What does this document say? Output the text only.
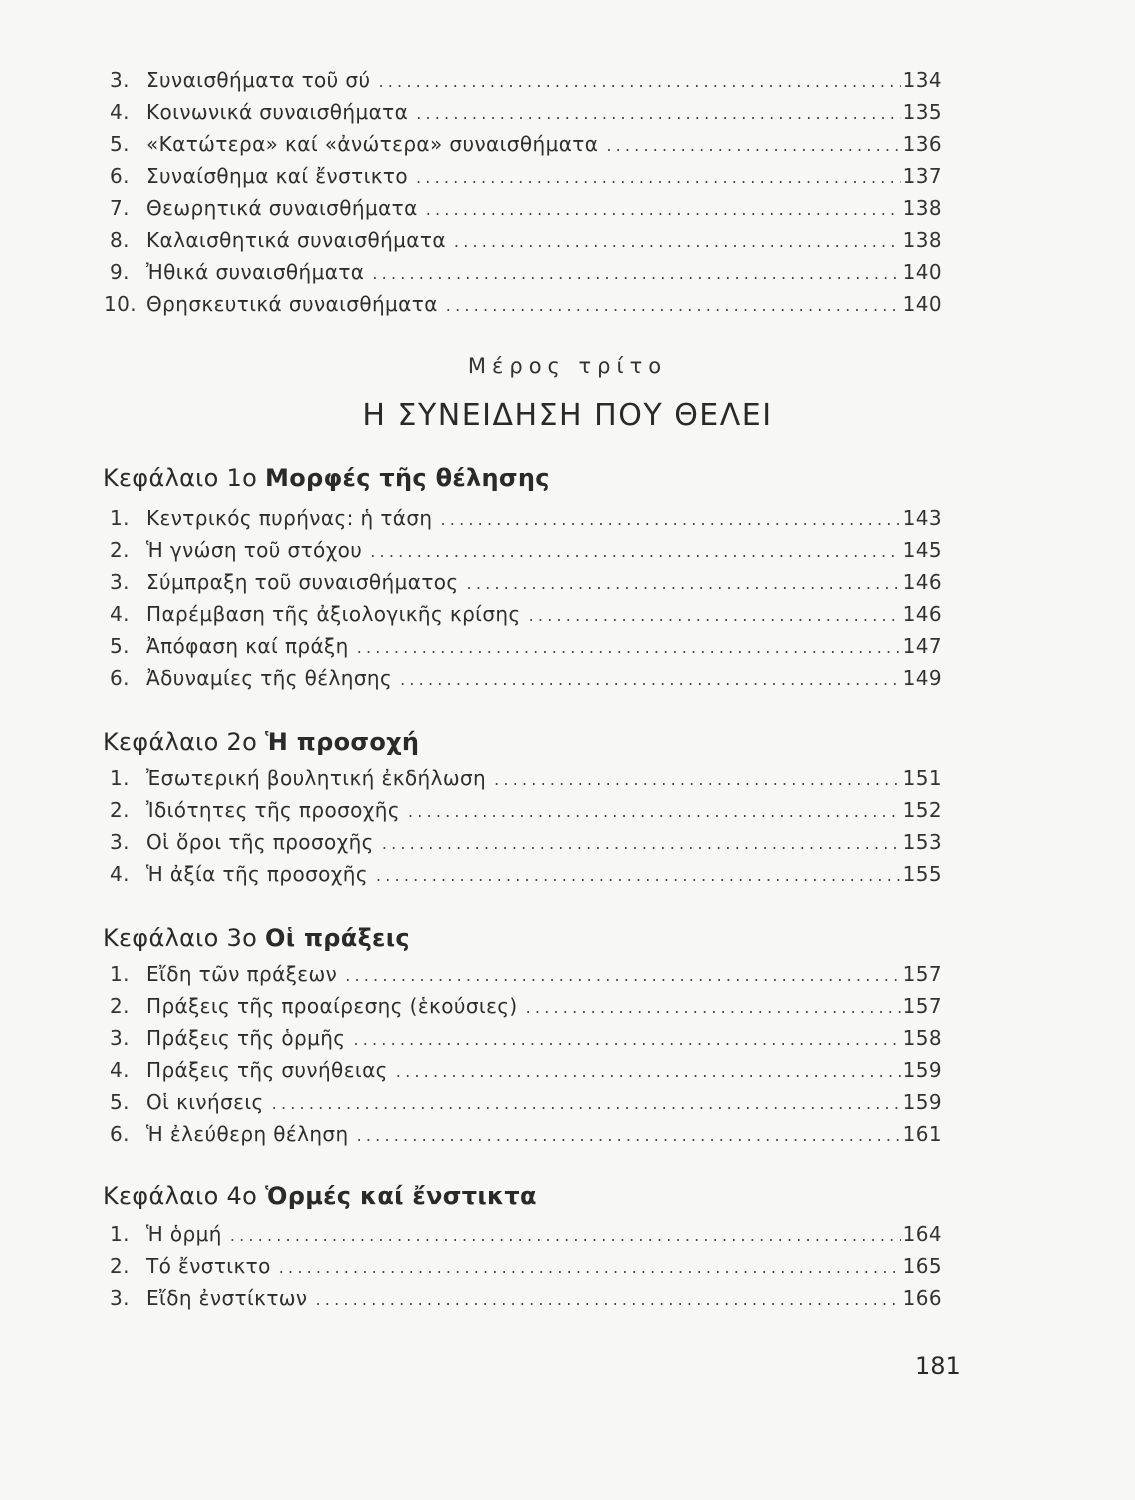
3. Συναισθήματα τοῦ σύ .....	134
4. Κοινωνικά συναισθήματα .....	135
5. «Κατώτερα» καί «ἀνώτερα» συναισθήματα .....	136
6. Συναίσθημα καί ἔνστικτο .....	137
7. Θεωρητικά συναισθήματα .....	138
8. Καλαισθητικά συναισθήματα .....	138
9. Ἠθικά συναισθήματα .....	140
10. Θρησκευτικά συναισθήματα .....	140
Μέρος τρίτο
Η ΣΥΝΕΙΔΗΣΗ ΠΟΥ ΘΕΛΕΙ
Κεφάλαιο 1ο Μορφές τῆς θέλησης
1. Κεντρικός πυρήνας: ἡ τάση .....	143
2. Ἡ γνώση τοῦ στόχου .....	145
3. Σύμπραξη τοῦ συναισθήματος .....	146
4. Παρέμβαση τῆς ἀξιολογικῆς κρίσης .....	146
5. Ἀπόφαση καί πράξη .....	147
6. Ἀδυναμίες τῆς θέλησης .....	149
Κεφάλαιο 2ο Ἡ προσοχή
1. Ἐσωτερική βουλητική ἐκδήλωση .....	151
2. Ἰδιότητες τῆς προσοχῆς .....	152
3. Οἱ ὅροι τῆς προσοχῆς .....	153
4. Ἡ ἀξία τῆς προσοχῆς .....	155
Κεφάλαιο 3ο Οἱ πράξεις
1. Εἴδη τῶν πράξεων .....	157
2. Πράξεις τῆς προαίρεσης (ἑκούσιες) .....	157
3. Πράξεις τῆς ὁρμῆς .....	158
4. Πράξεις τῆς συνήθειας .....	159
5. Οἱ κινήσεις .....	159
6. Ἡ ἐλεύθερη θέληση .....	161
Κεφάλαιο 4ο Ὁρμές καί ἔνστικτα
1. Ἡ ὁρμή .....	164
2. Τό ἔνστικτο .....	165
3. Εἴδη ἐνστίκτων .....	166
181
